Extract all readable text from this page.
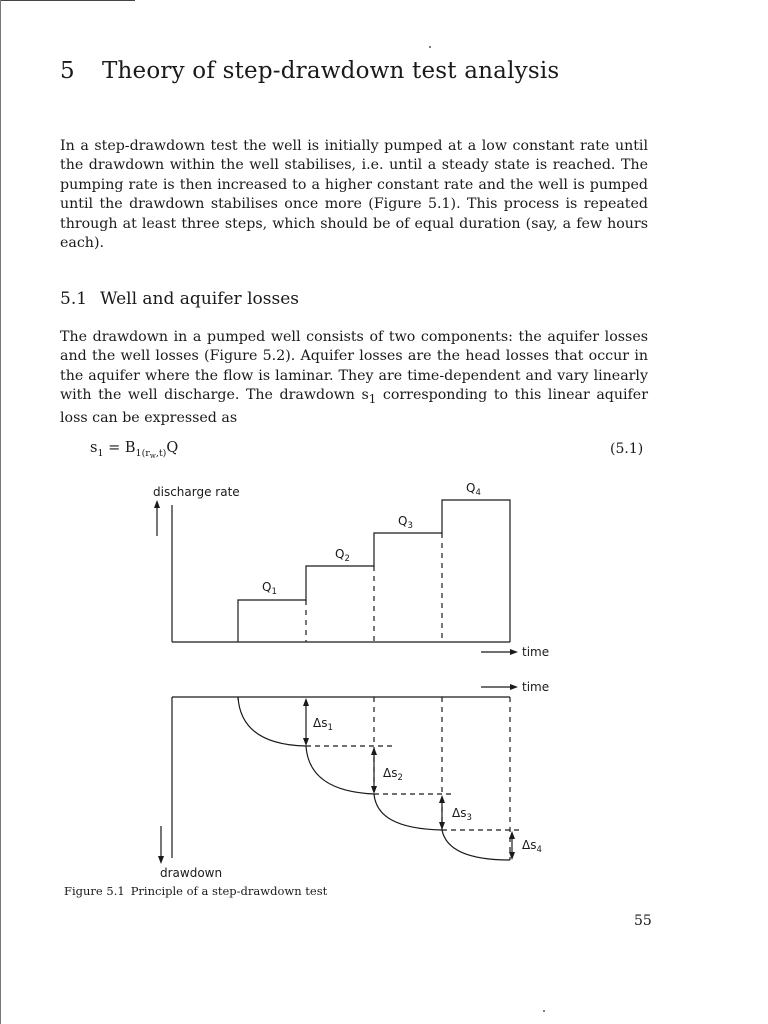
5 Theory of step-drawdown test analysis

In a step-drawdown test the well is initially pumped at a low constant rate until the drawdown within the well stabilises, i.e. until a steady state is reached. The pumping rate is then increased to a higher constant rate and the well is pumped until the drawdown stabilises once more (Figure 5.1). This process is repeated through at least three steps, which should be of equal duration (say, a few hours each).

5.1 Well and aquifer losses

The drawdown in a pumped well consists of two components: the aquifer losses and the well losses (Figure 5.2). Aquifer losses are the head losses that occur in the aquifer where the flow is laminar. They are time-dependent and vary linearly with the well discharge. The drawdown $s_1$ corresponding to this linear aquifer loss can be expressed as

$s_1 = B_{1(r_w,t)}Q$	(5.1)
discharge rate
$Q_1$
$Q_2$
$Q_3$
$Q_4$
time
time
drawdown
$\Delta s_1$
$\Delta s_2$
$\Delta s_3$
$\Delta s_4$
Figure 5.1 Principle of a step-drawdown test
55
